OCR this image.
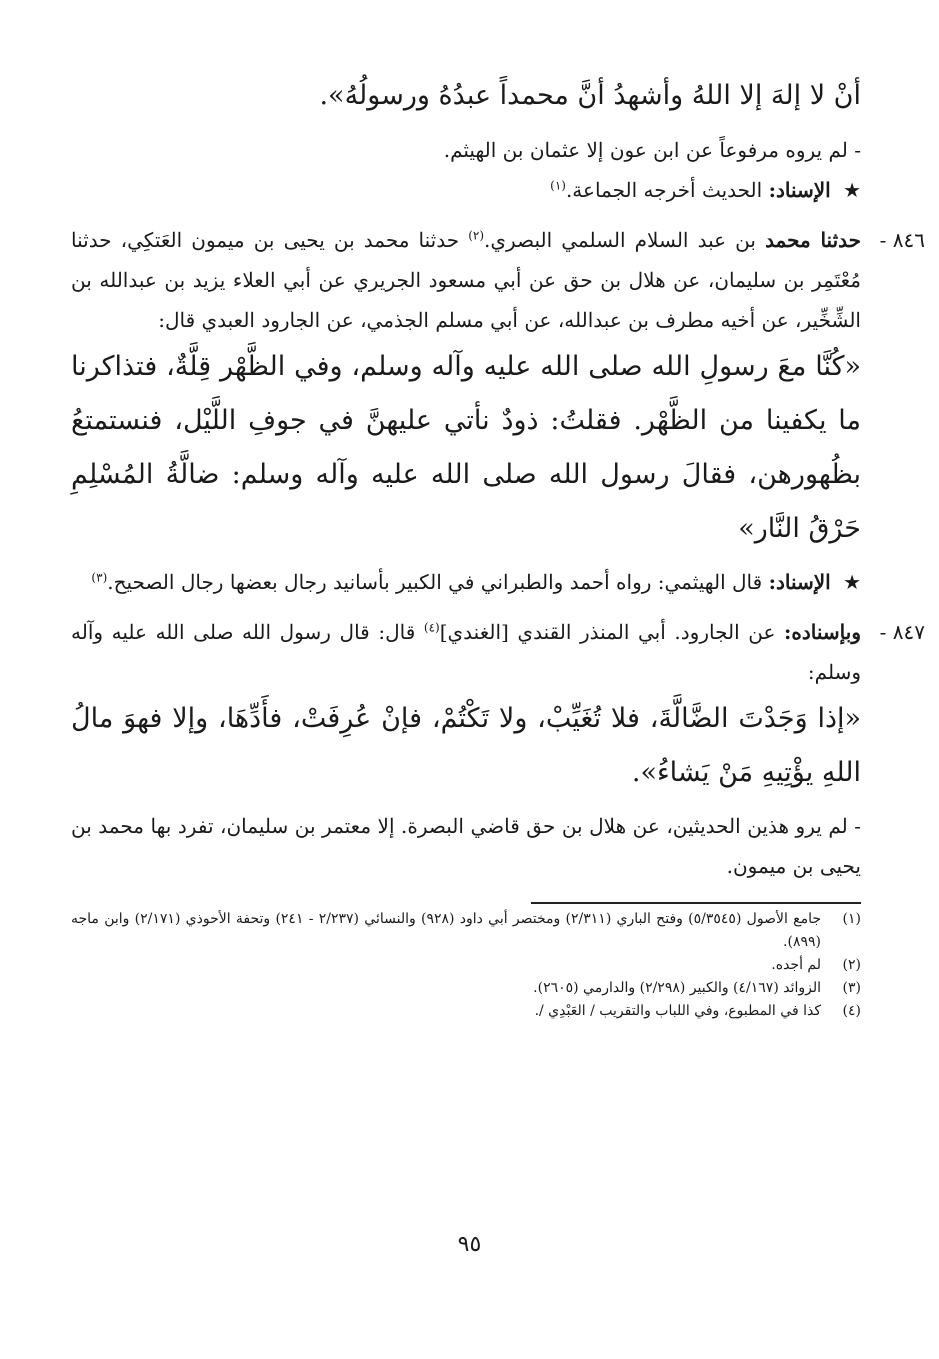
أنْ لا إلهَ إلا اللهُ وأشهدُ أنَّ محمداً عبدُهُ ورسولُهُ».

- لم يروه مرفوعاً عن ابن عون إلا عثمان بن الهيثم.

★ الإسناد: الحديث أخرجه الجماعة.$^{(١)}$

٨٤٦ -

حدثنا محمد بن عبد السلام السلمي البصري.$^{(٢)}$ حدثنا محمد بن يحيى بن ميمون العَتكِي، حدثنا مُعْتَمِر بن سليمان، عن هلال بن حق عن أبي مسعود الجريري عن أبي العلاء يزيد بن عبدالله بن الشِّخِّير، عن أخيه مطرف بن عبدالله، عن أبي مسلم الجذمي، عن الجارود العبدي قال:

«كُنَّا معَ رسولِ الله صلى الله عليه وآله وسلم، وفي الظَّهْر قِلَّةٌ، فتذاكرنا ما يكفينا من الظَّهْر. فقلتُ: ذودٌ نأتي عليهنَّ في جوفِ اللَّيْل، فنستمتعُ بظُهورهن، فقالَ رسول الله صلى الله عليه وآله وسلم: ضالَّةُ المُسْلِمِ حَرْقُ النَّار»

★ الإسناد: قال الهيثمي: رواه أحمد والطبراني في الكبير بأسانيد رجال بعضها رجال الصحيح.$^{(٣)}$

٨٤٧ -

وبإسناده: عن الجارود. أبي المنذر القندي [الغندي]$^{(٤)}$ قال: قال رسول الله صلى الله عليه وآله وسلم:

«إذا وَجَدْتَ الضَّالَّةَ، فلا تُغَيِّبْ، ولا تَكْتُمْ، فإنْ عُرِفَتْ، فأَدِّهَا، وإلا فهوَ مالُ اللهِ يؤْتِيهِ مَنْ يَشاءُ».

- لم يرو هذين الحديثين، عن هلال بن حق قاضي البصرة. إلا معتمر بن سليمان، تفرد بها محمد بن يحيى بن ميمون.

(١)
جامع الأصول (٥/٣٥٤٥) وفتح الباري (٢/٣١١) ومختصر أبي داود (٩٢٨) والنسائي (٢/٢٣٧ - ٢٤١) وتحفة الأحوذي (٢/١٧١) وابن ماجه (٨٩٩).
(٢)
لم أجده.
(٣)
الزوائد (٤/١٦٧) والكبير (٢/٢٩٨) والدارمي (٢٦٠٥).
(٤)
كذا في المطبوع، وفي اللباب والتقريب / العَبْدِي /.
٩٥
